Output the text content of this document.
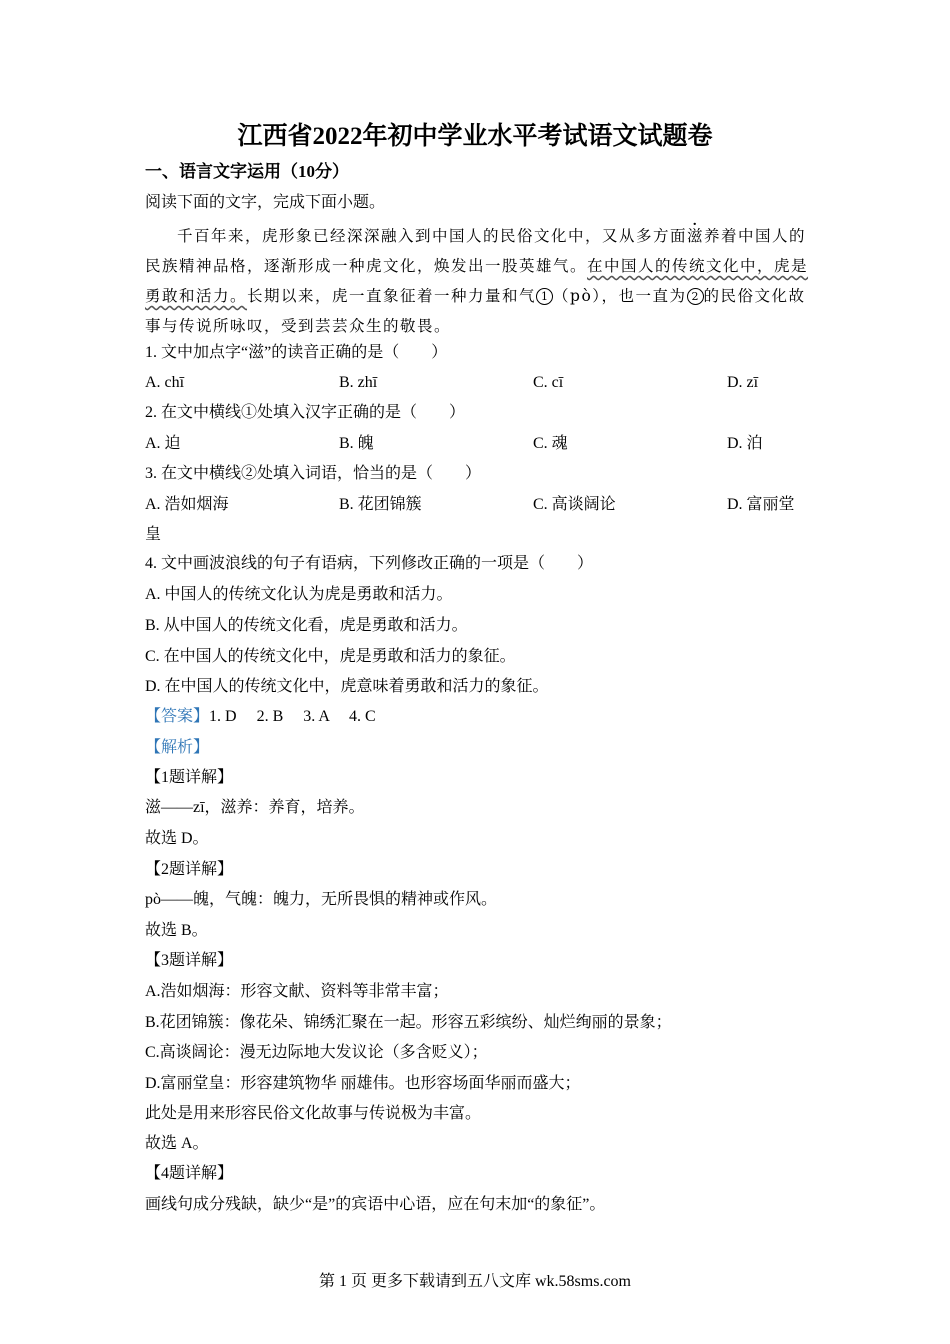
江西省2022年初中学业水平考试语文试题卷
一、语言文字运用（10分）
阅读下面的文字，完成下面小题。
千百年来，虎形象已经深深融入到中国人的民俗文化中，又从多方面滋养着中国人的
民族精神品格，逐渐形成一种虎文化，焕发出一股英雄气。在中国人的传统文化中，虎是
勇敢和活力。长期以来，虎一直象征着一种力量和气 1 （pò），也一直为 2 的民俗文化故
事与传说所咏叹，受到芸芸众生的敬畏。
1. 文中加点字“滋”的读音正确的是（　　）
A. chī	B. zhī	C. cī	D. zī
2. 在文中横线①处填入汉字正确的是（　　）
A. 迫	B. 魄	C. 魂	D. 泊
3. 在文中横线②处填入词语，恰当的是（　　）
A. 浩如烟海	B. 花团锦簇	C. 高谈阔论	D. 富丽堂
皇
4. 文中画波浪线的句子有语病，下列修改正确的一项是（　　）
A. 中国人的传统文化认为虎是勇敢和活力。
B. 从中国人的传统文化看，虎是勇敢和活力。
C. 在中国人的传统文化中，虎是勇敢和活力的象征。
D. 在中国人的传统文化中，虎意味着勇敢和活力的象征。
【答案】1. D　 2. B　 3. A　 4. C
【解析】
【1题详解】
滋——zī，滋养：养育，培养。
故选 D。
【2题详解】
pò——魄，气魄：魄力，无所畏惧的精神或作风。
故选 B。
【3题详解】
A.浩如烟海：形容文献、资料等非常丰富；
B.花团锦簇：像花朵、锦绣汇聚在一起。形容五彩缤纷、灿烂绚丽的景象；
C.高谈阔论：漫无边际地大发议论（多含贬义）；
D.富丽堂皇：形容建筑物华 丽雄伟。也形容场面华丽而盛大；
此处是用来形容民俗文化故事与传说极为丰富。
故选 A。
【4题详解】
画线句成分残缺，缺少“是”的宾语中心语，应在句末加“的象征”。
第 1 页 更多下载请到五八文库 wk.58sms.com
